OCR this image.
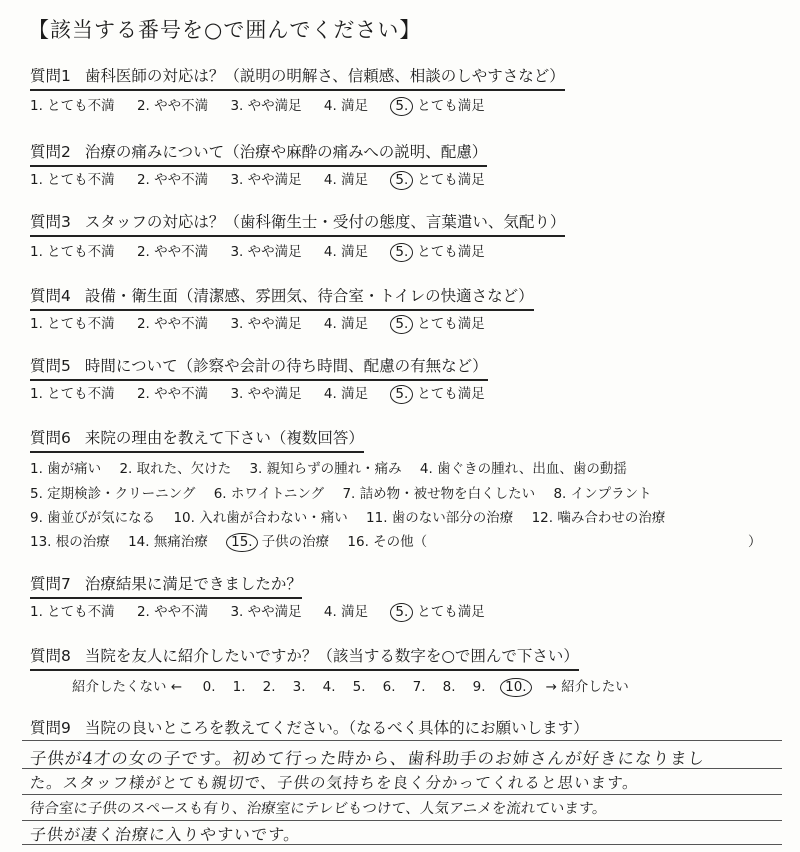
【該当する番号を○で囲んでください】
質問1 歯科医師の対応は？（説明の明解さ、信頼感、相談のしやすさなど）
1. とても不満 2. やや不満 3. やや満足 4. 満足 5. とても満足
質問2 治療の痛みについて（治療や麻酔の痛みへの説明、配慮）
1. とても不満 2. やや不満 3. やや満足 4. 満足 5. とても満足
質問3 スタッフの対応は？（歯科衛生士・受付の態度、言葉遣い、気配り）
1. とても不満 2. やや不満 3. やや満足 4. 満足 5. とても満足
質問4 設備・衛生面（清潔感、雰囲気、待合室・トイレの快適さなど）
1. とても不満 2. やや不満 3. やや満足 4. 満足 5. とても満足
質問5 時間について（診察や会計の待ち時間、配慮の有無など）
1. とても不満 2. やや不満 3. やや満足 4. 満足 5. とても満足
質問6 来院の理由を教えて下さい（複数回答）
1. 歯が痛い 2. 取れた、欠けた 3. 親知らずの腫れ・痛み 4. 歯ぐきの腫れ、出血、歯の動揺
5. 定期検診・クリーニング 6. ホワイトニング 7. 詰め物・被せ物を白くしたい 8. インプラント
9. 歯並びが気になる 10. 入れ歯が合わない・痛い 11. 歯のない部分の治療 12. 噛み合わせの治療
13. 根の治療 14. 無痛治療 15. 子供の治療 16. その他（	）
質問7 治療結果に満足できましたか？
1. とても不満 2. やや不満 3. やや満足 4. 満足 5. とても満足
質問8 当院を友人に紹介したいですか？（該当する数字を○で囲んで下さい）
紹介したくない ← 0. 1. 2. 3. 4. 5. 6. 7. 8. 9. 10. → 紹介したい
質問9 当院の良いところを教えてください。（なるべく具体的にお願いします）
子供が4才の女の子です。初めて行った時から、歯科助手のお姉さんが好きになりまし
た。スタッフ様がとても親切で、子供の気持ちを良く分かってくれると思います。
待合室に子供のスペースも有り、治療室にテレビもつけて、人気アニメを流れています。
子供が凄く治療に入りやすいです。
